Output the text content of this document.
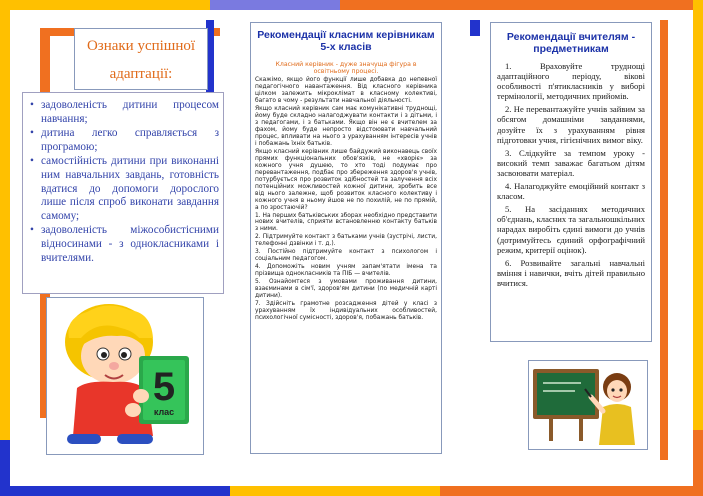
Ознаки успішної адаптації:
• задоволеність дитини процесом навчання;
• дитина легко справляється з програмою;
• самостійність дитини при виконанні ним навчальних завдань, готовність вдатися до допомоги дорослого лише після спроб виконати завдання самому;
• задоволеність міжособистісними відносинами - з однокласниками і вчителями.
5
клас
Рекомендації класним керівникам 5-х класів
Класний керівник - дуже значуща фігура в освітньому процесі.

Скажімо, якщо його функції лише добавка до непевної педагогічного навантаження. Від класного керівника цілком залежить мікроклімат в класному колективі, багато в чому - результати навчальної діяльності.

Якщо класний керівник сам має комунікативні труднощі, йому буде складно налагоджувати контакти і з дітьми, і з педагогами, і з батьками. Якщо він не є вчителем за фахом, йому буде непросто відстоювати навчальний процес, впливати на нього з урахуванням інтересів учнів і побажань їхніх батьків.

Якщо класний керівник лише байдужий виконавець своїх прямих функціональних обов'язків, не «хворіє» за кожного учня душею, то хто тоді подумає про перевантаження, подбає про збереження здоров'я учнів, потурбується про розвиток здібностей та залучення всіх потенційних можливостей кожної дитини, зробить все від нього залежне, щоб розвиток класного колективу і кожного учня в ньому йшов не по похилій, не по прямій, а по зростаючій?

1. На перших батьківських зборах необхідно представити нових вчителів, сприяти встановленню контакту батьків з ними.

2. Підтримуйте контакт з батьками учнів (зустрічі, листи, телефонні дзвінки і т. д.).

3. Постійно підтримуйте контакт з психологом і соціальним педагогом.

4. Допоможіть новим учням запам'ятати імена та прізвища однокласників та ПІБ — вчителів.

5. Ознайомтеся з умовами проживання дитини, взаєминами в сім'ї, здоров'ям дитини (по медичній карті дитини).

7. Здійсніть грамотне розсадження дітей у класі з урахуванням їх індивідуальних особливостей, психологічної сумісності, здоров'я, побажань батьків.

Рекомендації вчителям - предметникам

1. Враховуйте труднощі адаптаційного періоду, вікові особливості п'ятикласників у виборі термінології, методичних прийомів.

2. Не перевантажуйте учнів зайвим за обсягом домашніми завданнями, дозуйте їх з урахуванням рівня підготовки учня, гігієнічних вимог віку.

3. Слідкуйте за темпом уроку - високий темп заважає багатьом дітям засвоювати матеріал.

4. Налагоджуйте емоційний контакт з класом.

5. На засіданнях методичних об'єднань, класних та загальношкільних нарадах виробіть єдині вимоги до учнів (дотримуйтесь єдиний орфографічний режим, критерії оцінок).

6. Розвивайте загальні навчальні вміння і навички, вчіть дітей правильно вчитися.
